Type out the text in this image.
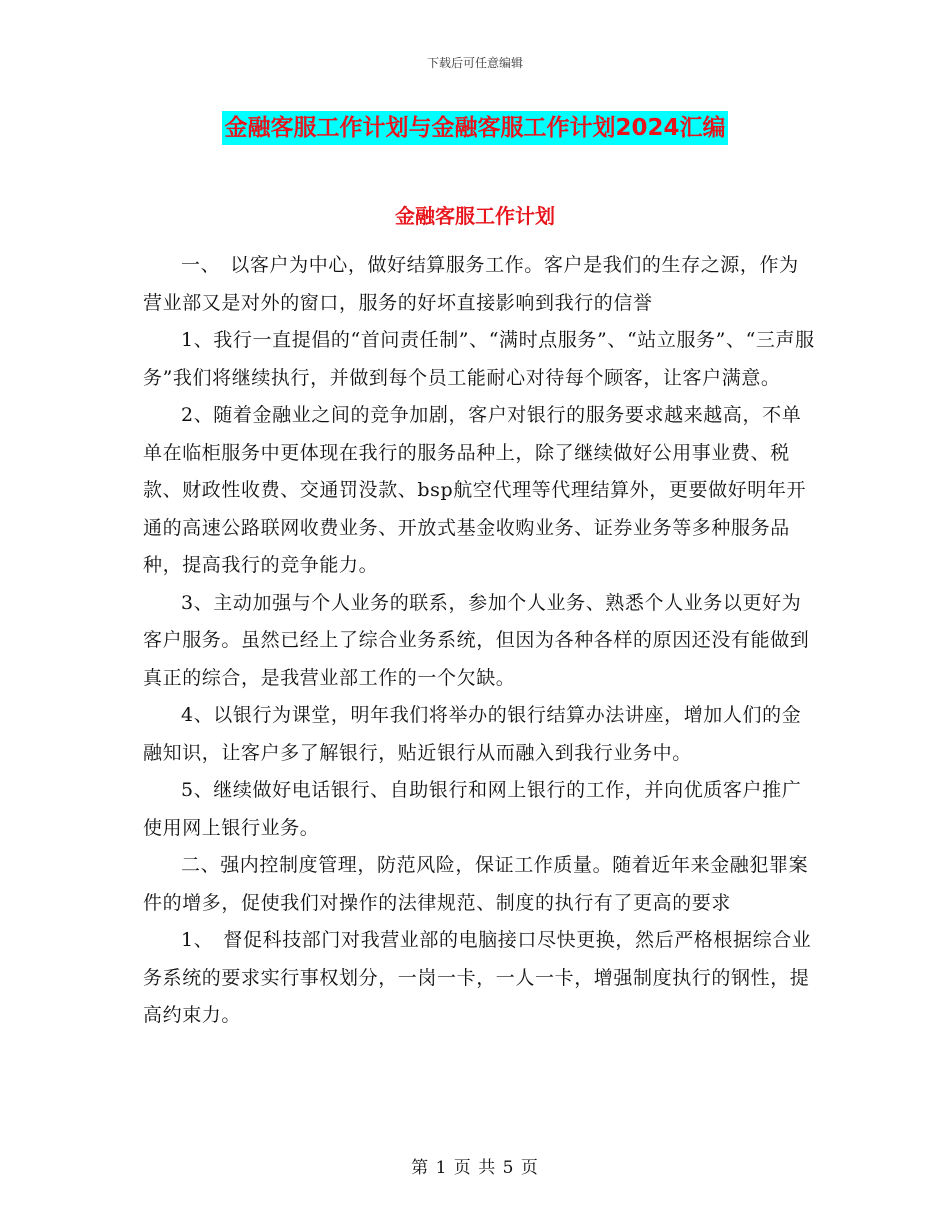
下载后可任意编辑
金融客服工作计划与金融客服工作计划2024汇编
金融客服工作计划

一、　以客户为中心，做好结算服务工作。客户是我们的生存之源，作为营业部又是对外的窗口，服务的好坏直接影响到我行的信誉

1、我行一直提倡的“首问责任制”、“满时点服务”、“站立服务”、“三声服务”我们将继续执行，并做到每个员工能耐心对待每个顾客，让客户满意。

2、随着金融业之间的竞争加剧，客户对银行的服务要求越来越高，不单单在临柜服务中更体现在我行的服务品种上，除了继续做好公用事业费、税款、财政性收费、交通罚没款、bsp航空代理等代理结算外，更要做好明年开通的高速公路联网收费业务、开放式基金收购业务、证券业务等多种服务品种，提高我行的竞争能力。

3、主动加强与个人业务的联系，参加个人业务、熟悉个人业务以更好为客户服务。虽然已经上了综合业务系统，但因为各种各样的原因还没有能做到真正的综合，是我营业部工作的一个欠缺。

4、以银行为课堂，明年我们将举办的银行结算办法讲座，增加人们的金融知识，让客户多了解银行，贴近银行从而融入到我行业务中。

5、继续做好电话银行、自助银行和网上银行的工作，并向优质客户推广使用网上银行业务。

二、强内控制度管理，防范风险，保证工作质量。随着近年来金融犯罪案件的增多，促使我们对操作的法律规范、制度的执行有了更高的要求

1、　督促科技部门对我营业部的电脑接口尽快更换，然后严格根据综合业务系统的要求实行事权划分，一岗一卡，一人一卡，增强制度执行的钢性，提高约束力。

第 1 页 共 5 页
